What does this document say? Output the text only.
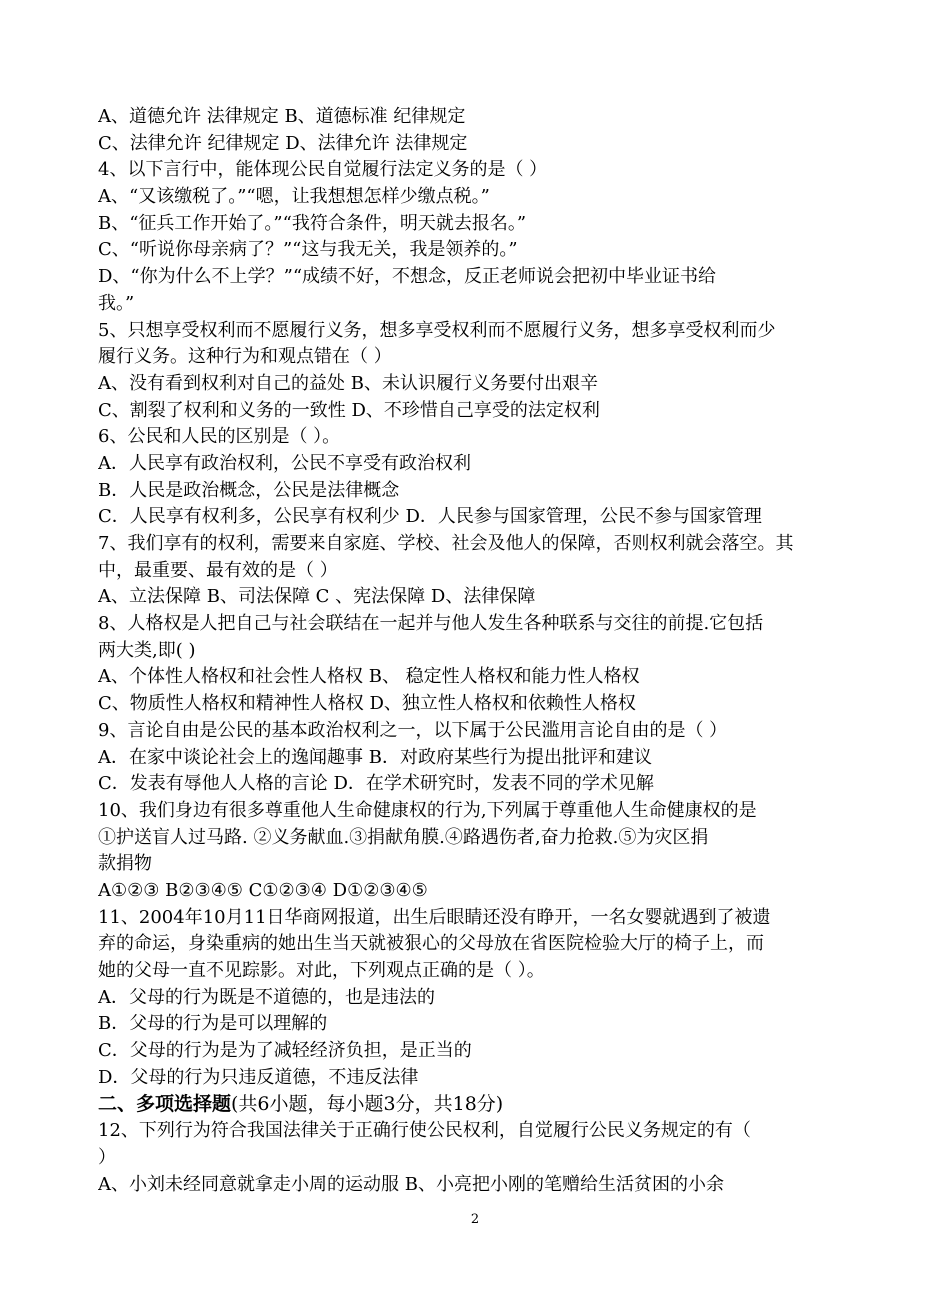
A、道德允许 法律规定 B、道德标准 纪律规定
C、法律允许 纪律规定 D、法律允许 法律规定
4、以下言行中，能体现公民自觉履行法定义务的是（ ）
A、“又该缴税了。”“嗯，让我想想怎样少缴点税。”
B、“征兵工作开始了。”“我符合条件，明天就去报名。”
C、“听说你母亲病了？”“这与我无关，我是领养的。”
D、“你为什么不上学？”“成绩不好，不想念，反正老师说会把初中毕业证书给
我。”
5、只想享受权利而不愿履行义务，想多享受权利而不愿履行义务，想多享受权利而少
履行义务。这种行为和观点错在（ ）
A、没有看到权利对自己的益处 B、未认识履行义务要付出艰辛
C、割裂了权利和义务的一致性 D、不珍惜自己享受的法定权利
6、公民和人民的区别是（ ）。
A．人民享有政治权利，公民不享受有政治权利
B．人民是政治概念，公民是法律概念
C．人民享有权利多，公民享有权利少 D．人民参与国家管理，公民不参与国家管理
7、我们享有的权利，需要来自家庭、学校、社会及他人的保障，否则权利就会落空。其
中，最重要、最有效的是（ ）
A、立法保障 B、司法保障 C 、宪法保障 D、法律保障
8、人格权是人把自己与社会联结在一起并与他人发生各种联系与交往的前提.它包括
两大类,即( )
A、个体性人格权和社会性人格权 B、 稳定性人格权和能力性人格权
C、物质性人格权和精神性人格权 D、独立性人格权和依赖性人格权
9、言论自由是公民的基本政治权利之一，以下属于公民滥用言论自由的是（ ）
A．在家中谈论社会上的逸闻趣事 B．对政府某些行为提出批评和建议
C．发表有辱他人人格的言论 D．在学术研究时，发表不同的学术见解
10、我们身边有很多尊重他人生命健康权的行为,下列属于尊重他人生命健康权的是
①护送盲人过马路. ②义务献血.③捐献角膜.④路遇伤者,奋力抢救.⑤为灾区捐
款捐物
A①②③ B②③④⑤ C①②③④ D①②③④⑤
11、2004年10月11日华商网报道，出生后眼睛还没有睁开，一名女婴就遇到了被遗
弃的命运，身染重病的她出生当天就被狠心的父母放在省医院检验大厅的椅子上，而
她的父母一直不见踪影。对此，下列观点正确的是（ ）。
A．父母的行为既是不道德的，也是违法的
B．父母的行为是可以理解的
C．父母的行为是为了减轻经济负担，是正当的
D．父母的行为只违反道德，不违反法律
二、多项选择题(共6小题，每小题3分，共18分)
12、下列行为符合我国法律关于正确行使公民权利，自觉履行公民义务规定的有（
）
A、小刘未经同意就拿走小周的运动服 B、小亮把小刚的笔赠给生活贫困的小余
2
